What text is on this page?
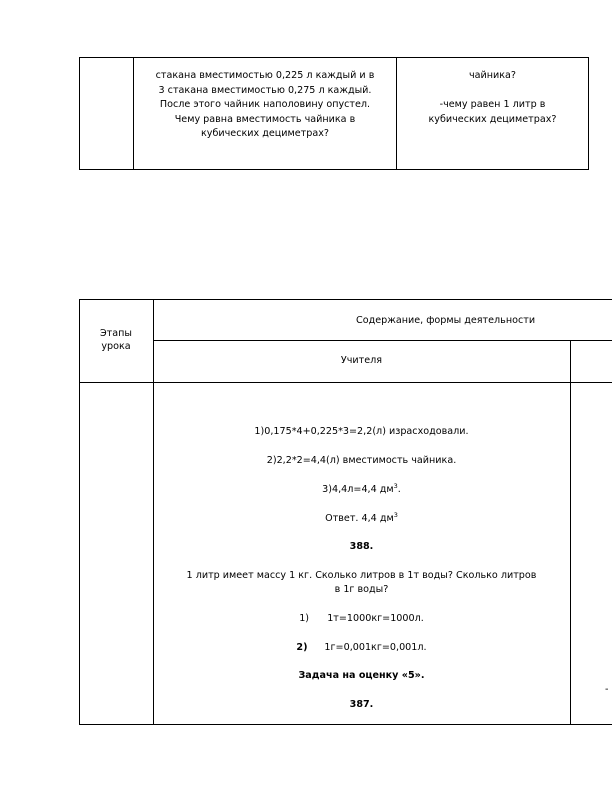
стакана вместимостью 0,225 л каждый и в
3 стакана вместимостью 0,275 л каждый.
После этого чайник наполовину опустел.
Чему равна вместимость чайника в
кубических дециметрах?
чайника?
-чему равен 1 литр в
кубических дециметрах?
Этапы
урока
Содержание, формы деятельности
Учителя
1)0,175*4+0,225*3=2,2(л) израсходовали.
2)2,2*2=4,4(л) вместимость чайника.
3)4,4л=4,4 $дм^3$.
Ответ. 4,4 $дм^3$
388.
1 литр имеет массу 1 кг. Сколько литров в 1т воды? Сколько литров
в 1г воды?
1) 1т=1000кг=1000л.
2) 1г=0,001кг=0,001л.
Задача на оценку «5».
387.
-
